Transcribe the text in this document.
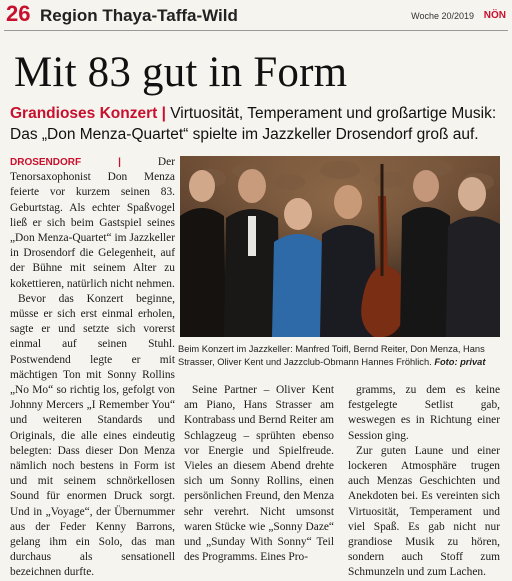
26 Region Thaya-Taffa-Wild	Woche 20/2019 NÖN
Mit 83 gut in Form
Grandioses Konzert | Virtuosität, Temperament und großartige Musik: Das „Don Menza-Quartet“ spielte im Jazzkeller Drosendorf groß auf.

DROSENDORF | Der Tenorsaxophonist Don Menza feierte vor kurzem seinen 83. Geburtstag. Als echter Spaßvogel ließ er sich beim Gastspiel seines „Don Menza-Quartet“ im Jazzkeller in Drosendorf die Gelegenheit, auf der Bühne mit seinem Alter zu kokettieren, natürlich nicht nehmen.

Bevor das Konzert beginne, müsse er sich erst einmal erholen, sagte er und setzte sich vorerst einmal auf seinen Stuhl. Postwendend legte er mit mächtigen Ton mit Sonny Rollins „No Mo“ so richtig los, gefolgt von Johnny Mercers „I Remember You“ und weiteren Standards und Originals, die alle eines eindeutig belegten: Dass dieser Don Menza nämlich noch bestens in Form ist und mit seinem schnörkellosen Sound für enormen Druck sorgt. Und in „Voyage“, der Übernummer aus der Feder Kenny Barrons, gelang ihm ein Solo, das man durchaus als sensationell bezeichnen durfte.

Beim Konzert im Jazzkeller: Manfred Toifl, Bernd Reiter, Don Menza, Hans Strasser, Oliver Kent und Jazzclub-Obmann Hannes Fröhlich. Foto: privat

Seine Partner – Oliver Kent am Piano, Hans Strasser am Kontrabass und Bernd Reiter am Schlagzeug – sprühten ebenso vor Energie und Spielfreude. Vieles an diesem Abend drehte sich um Sonny Rollins, einen persönlichen Freund, den Menza sehr verehrt. Nicht umsonst waren Stücke wie „Sonny Daze“ und „Sunday With Sonny“ Teil des Programms. Eines Pro-

gramms, zu dem es keine festgelegte Setlist gab, weswegen es in Richtung einer Session ging.

Zur guten Laune und einer lockeren Atmosphäre trugen auch Menzas Geschichten und Anekdoten bei. Es vereinten sich Virtuosität, Temperament und viel Spaß. Es gab nicht nur grandiose Musik zu hören, sondern auch Stoff zum Schmunzeln und zum Lachen.
